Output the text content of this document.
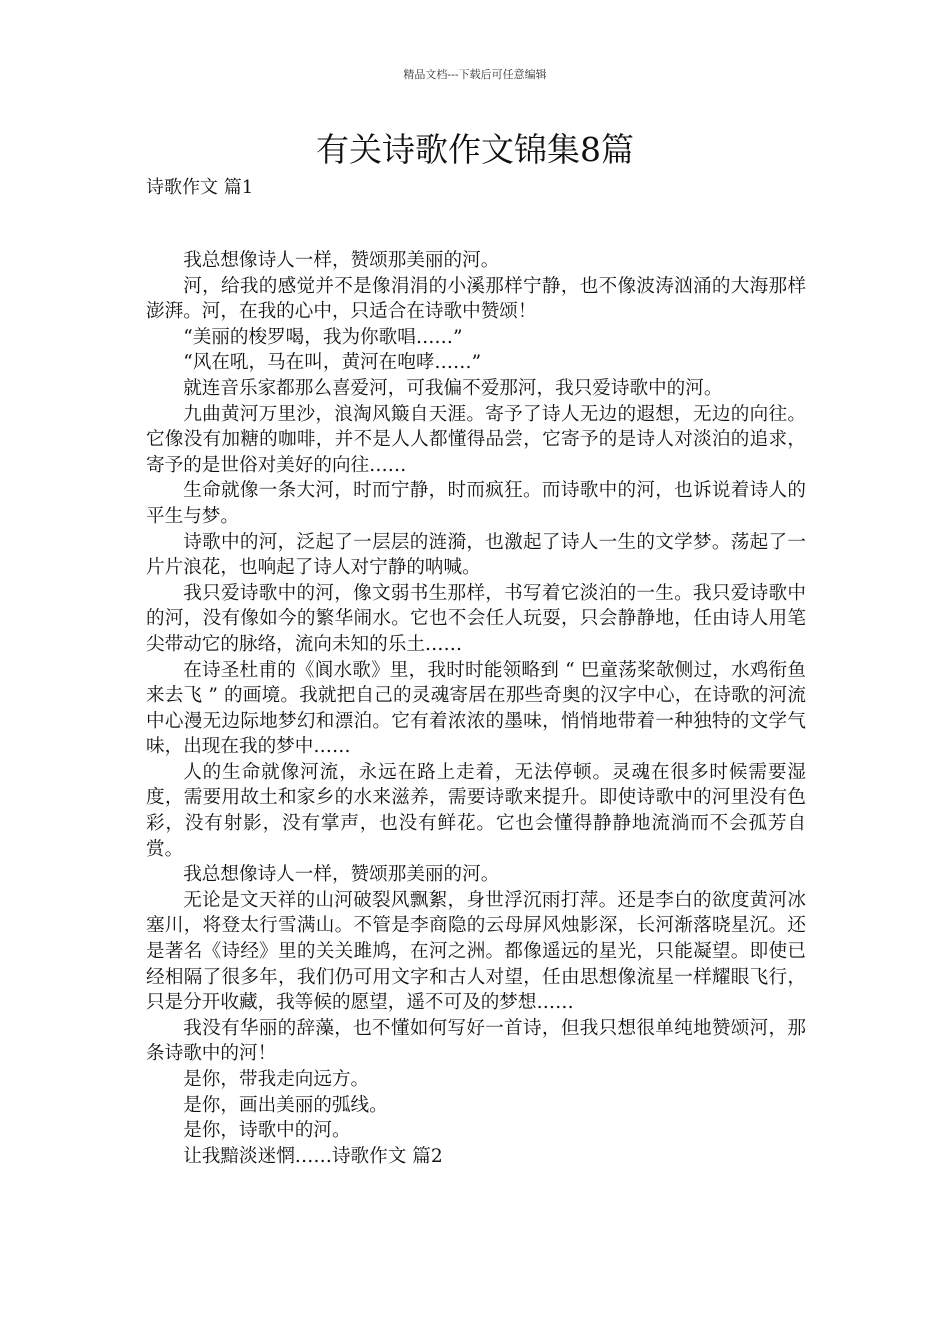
精品文档---下载后可任意编辑
有关诗歌作文锦集8篇
诗歌作文 篇1

我总想像诗人一样，赞颂那美丽的河。

河，给我的感觉并不是像涓涓的小溪那样宁静，也不像波涛汹涌的大海那样澎湃。河，在我的心中，只适合在诗歌中赞颂！

“美丽的梭罗喝，我为你歌唱……”

“风在吼，马在叫，黄河在咆哮……”

就连音乐家都那么喜爱河，可我偏不爱那河，我只爱诗歌中的河。

九曲黄河万里沙，浪淘风簸自天涯。寄予了诗人无边的遐想，无边的向往。它像没有加糖的咖啡，并不是人人都懂得品尝，它寄予的是诗人对淡泊的追求，寄予的是世俗对美好的向往……

生命就像一条大河，时而宁静，时而疯狂。而诗歌中的河，也诉说着诗人的平生与梦。

诗歌中的河，泛起了一层层的涟漪，也激起了诗人一生的文学梦。荡起了一片片浪花，也响起了诗人对宁静的呐喊。

我只爱诗歌中的河，像文弱书生那样，书写着它淡泊的一生。我只爱诗歌中的河，没有像如今的繁华闹水。它也不会任人玩耍，只会静静地，任由诗人用笔尖带动它的脉络，流向未知的乐土……

在诗圣杜甫的《阆水歌》里，我时时能领略到 “ 巴童荡桨欹侧过，水鸡衔鱼来去飞 ” 的画境。我就把自己的灵魂寄居在那些奇奥的汉字中心，在诗歌的河流中心漫无边际地梦幻和漂泊。它有着浓浓的墨味，悄悄地带着一种独特的文学气味，出现在我的梦中……

人的生命就像河流，永远在路上走着，无法停顿。灵魂在很多时候需要湿度，需要用故土和家乡的水来滋养，需要诗歌来提升。即使诗歌中的河里没有色彩，没有射影，没有掌声，也没有鲜花。它也会懂得静静地流淌而不会孤芳自赏。

我总想像诗人一样，赞颂那美丽的河。

无论是文天祥的山河破裂风飘絮，身世浮沉雨打萍。还是李白的欲度黄河冰塞川，将登太行雪满山。不管是李商隐的云母屏风烛影深，长河渐落晓星沉。还是著名《诗经》里的关关雎鸠，在河之洲。都像遥远的星光，只能凝望。即使已经相隔了很多年，我们仍可用文字和古人对望，任由思想像流星一样耀眼飞行，只是分开收藏，我等候的愿望，遥不可及的梦想……

我没有华丽的辞藻，也不懂如何写好一首诗，但我只想很单纯地赞颂河，那条诗歌中的河！

是你，带我走向远方。

是你，画出美丽的弧线。

是你，诗歌中的河。

让我黯淡迷惘……诗歌作文 篇2
